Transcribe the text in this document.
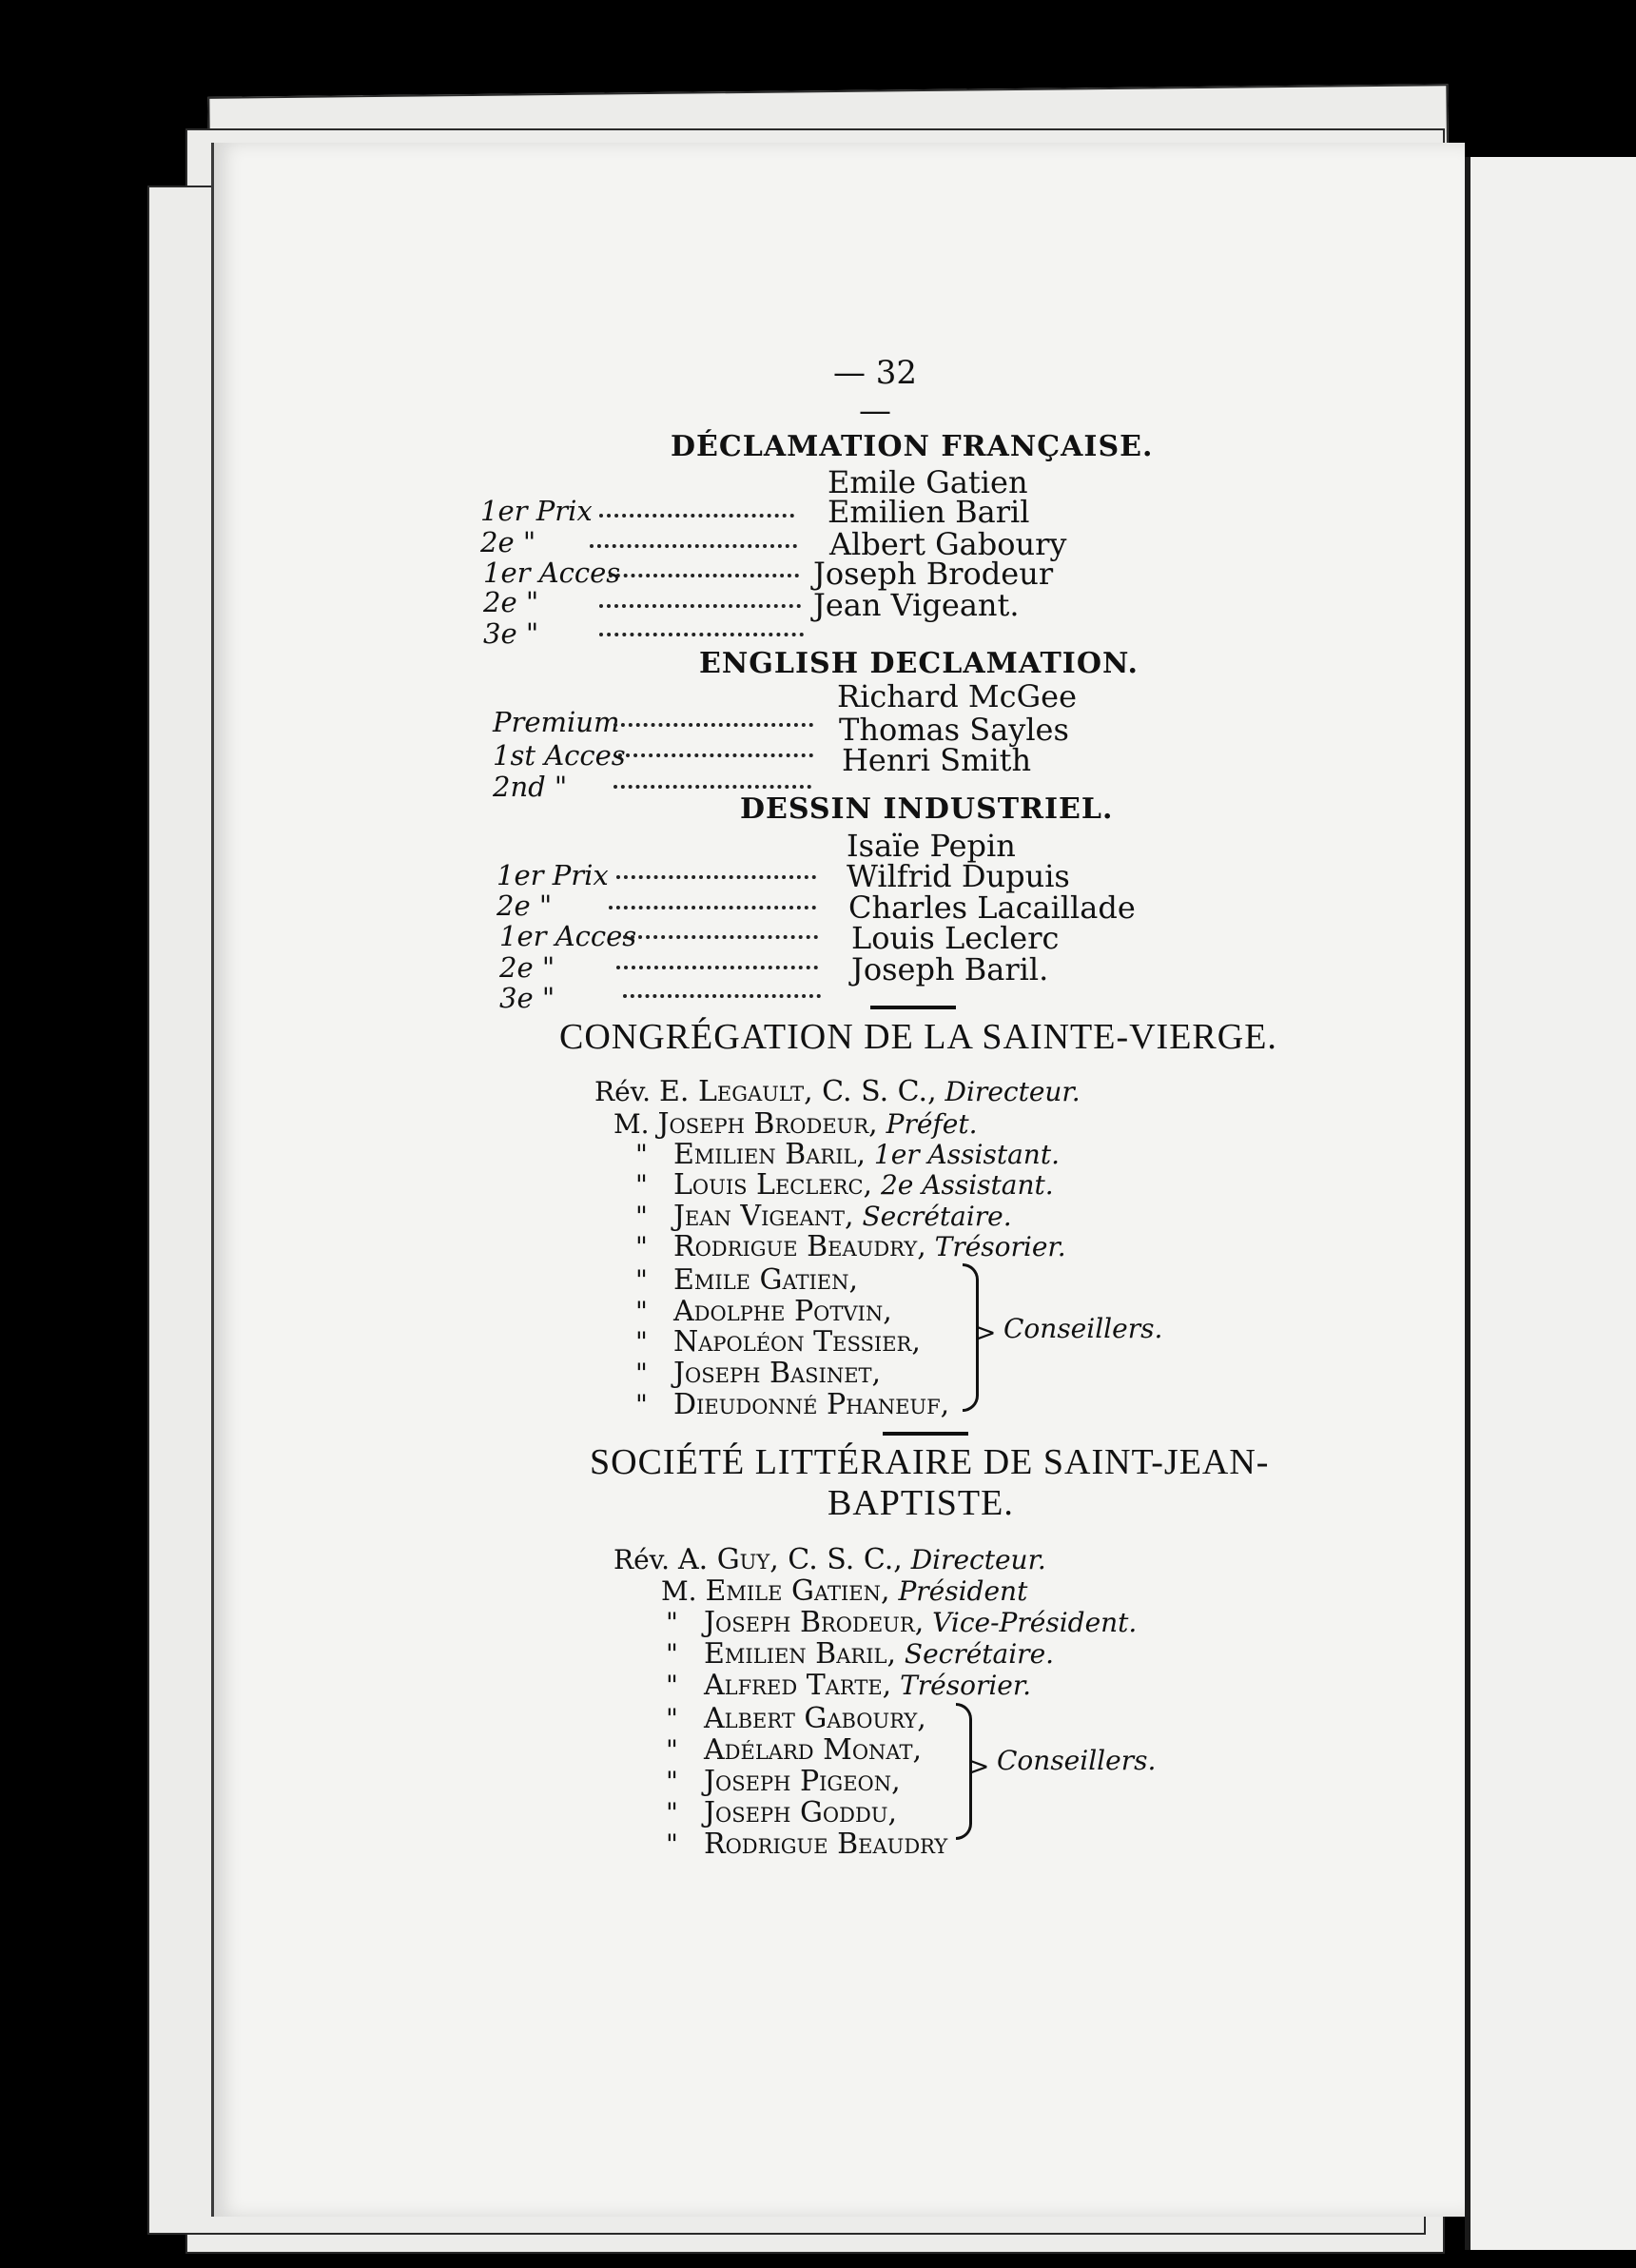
— 32 —
DÉCLAMATION FRANÇAISE.
1er Prix
Emile Gatien
2e "
Emilien Baril
1er Acces
Albert Gaboury
2e "
Joseph Brodeur
3e "
Jean Vigeant.
ENGLISH DECLAMATION.
Premium
Richard McGee
1st Acces
Thomas Sayles
2nd "
Henri Smith
DESSIN INDUSTRIEL.
1er Prix
Isaïe Pepin
2e "
Wilfrid Dupuis
1er Acces
Charles Lacaillade
2e "
Louis Leclerc
3e "
Joseph Baril.
CONGRÉGATION DE LA SAINTE-VIERGE.
Rév. E. Legault, C. S. C., Directeur.
M. Joseph Brodeur, Préfet.
" Emilien Baril, 1er Assistant.
" Louis Leclerc, 2e Assistant.
" Jean Vigeant, Secrétaire.
" Rodrigue Beaudry, Trésorier.
" Emile Gatien,
" Adolphe Potvin,
" Napoléon Tessier,
" Joseph Basinet,
" Dieudonné Phaneuf,
> Conseillers.
SOCIÉTÉ LITTÉRAIRE DE SAINT-JEAN-
BAPTISTE.
Rév. A. Guy, C. S. C., Directeur.
M. Emile Gatien, Président
" Joseph Brodeur, Vice-Président.
" Emilien Baril, Secrétaire.
" Alfred Tarte, Trésorier.
" Albert Gaboury,
" Adélard Monat,
" Joseph Pigeon,
" Joseph Goddu,
" Rodrigue Beaudry
> Conseillers.
